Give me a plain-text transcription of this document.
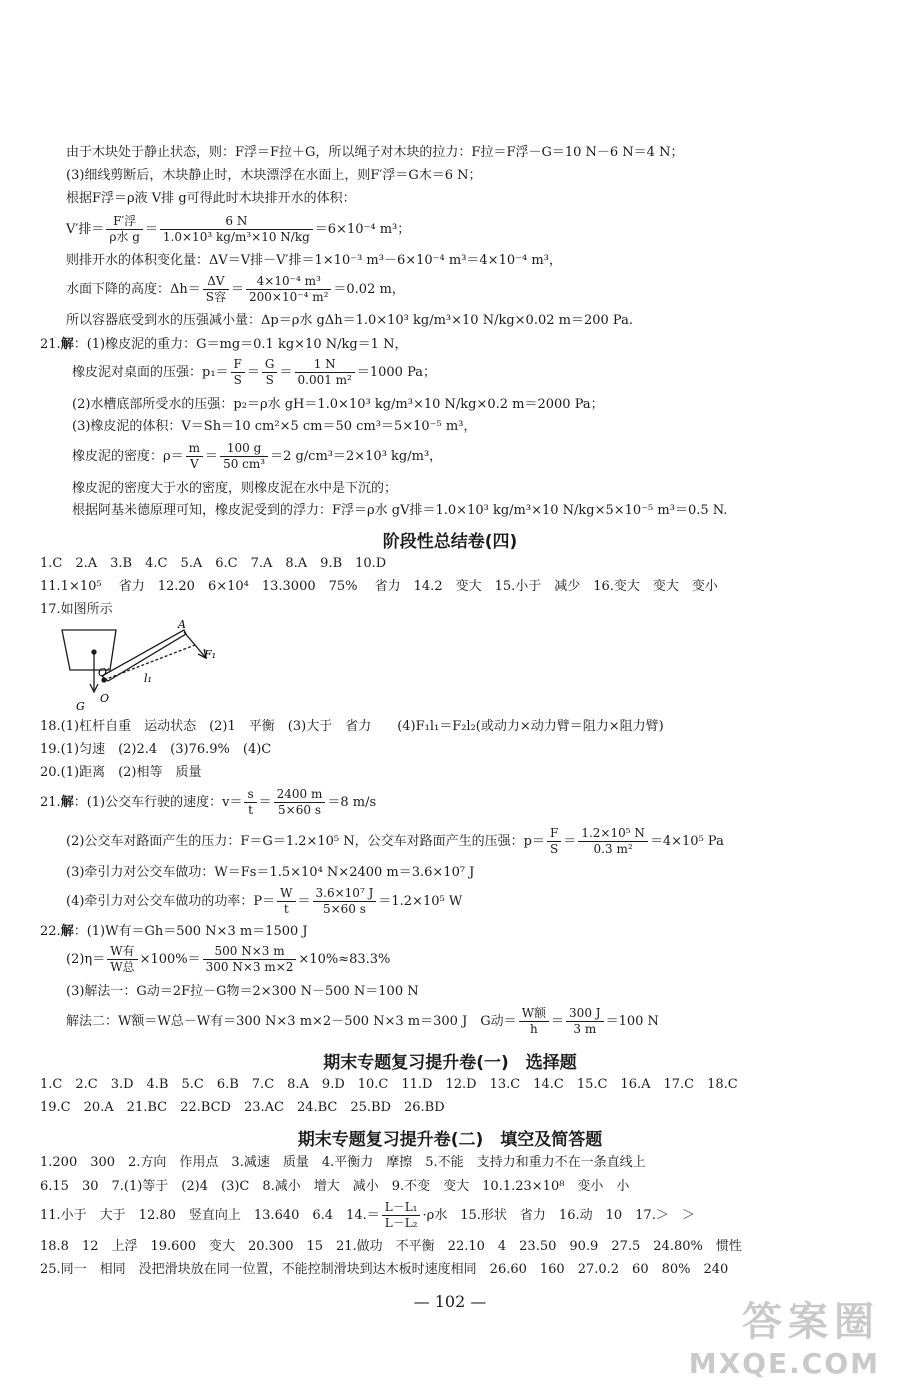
由于木块处于静止状态，则：F浮＝F拉＋G，所以绳子对木块的拉力：F拉＝F浮－G＝10 N－6 N＝4 N；
(3)细线剪断后，木块静止时，木块漂浮在水面上，则F′浮＝G木＝6 N；
根据F浮＝ρ液 V排 g可得此时木块排开水的体积：
V′排＝ $\frac{\text{F′浮}}{\text{ρ水 g}} = \frac{6 N}{\text{1.0×10³ kg/m³×10 N/kg}} =6\times 10^{-4}$ m³；
则排开水的体积变化量：ΔV＝V排－V′排＝1×10⁻³ m³－6×10⁻⁴ m³＝4×10⁻⁴ m³，
水面下降的高度：$\Delta h= \frac{\Delta V}{\text{S容}} = \frac{\text{4×10⁻⁴ m³}}{\text{200×10⁻⁴ m²}} =0.02$ m，
所以容器底受到水的压强减小量：Δp＝ρ水 gΔh＝1.0×10³ kg/m³×10 N/kg×0.02 m＝200 Pa.
21.解：(1)橡皮泥的重力：G＝mg＝0.1 kg×10 N/kg＝1 N，
橡皮泥对桌面的压强：$p_1= \frac{F}{S} = \frac{G}{S} = \frac{1 N}{\text{0.001 m²}} =1000$ Pa；
(2)水槽底部所受水的压强：p₂＝ρ水 gH＝1.0×10³ kg/m³×10 N/kg×0.2 m＝2000 Pa；
(3)橡皮泥的体积：V＝Sh＝10 cm²×5 cm＝50 cm³＝5×10⁻⁵ m³，
橡皮泥的密度：$\rho= \frac{m}{V} = \frac{100 g}{\text{50 cm³}} =2$ g/cm³＝2×10³ kg/m³，
橡皮泥的密度大于水的密度，则橡皮泥在水中是下沉的；
根据阿基米德原理可知，橡皮泥受到的浮力：F浮＝ρ水 gV排＝1.0×10³ kg/m³×10 N/kg×5×10⁻⁵ m³＝0.5 N.
阶段性总结卷(四)
1.C　2.A　3.B　4.C　5.A　6.C　7.A　8.A　9.B　10.D
11.1×10⁵　 省力　12.20　6×10⁴　13.3000　75%　 省力　14.2　变大　15.小于　减少　16.变大　变大　变小
17.如图所示
A
F₁
O′	l₁
G
O
18.(1)杠杆自重　运动状态　(2)1　平衡　(3)大于　省力　　(4)F₁l₁＝F₂l₂(或动力×动力臂＝阻力×阻力臂)
19.(1)匀速　(2)2.4　(3)76.9%　(4)C
20.(1)距离　(2)相等　质量
21.解：(1)公交车行驶的速度：$v= \frac{s}{t} = \frac{2400 m}{5\times 60 s} =8$ m/s
(2)公交车对路面产生的压力：F＝G＝1.2×10⁵ N，公交车对路面产生的压强：$p= \frac{F}{S} = \frac{\text{1.2×10⁵ N}}{\text{0.3 m²}} =4\times 10^5$ Pa
(3)牵引力对公交车做功：W＝Fs＝1.5×10⁴ N×2400 m＝3.6×10⁷ J
(4)牵引力对公交车做功的功率：$P= \frac{W}{t} = \frac{\text{3.6×10⁷ J}}{5\times 60 s} =1.2\times 10^5$ W
22.解：(1)W有＝Gh＝500 N×3 m＝1500 J
$(2)\eta= \frac{\text{W有}}{\text{W总}} \times 100\%= \frac{500 N\times 3 m}{300 N\times 3 m\times 2} \times 10\%\approx 83.3\%$
(3)解法一：G动＝2F拉－G物＝2×300 N－500 N＝100 N
解法二：W额＝W总－W有＝300 N×3 m×2－500 N×3 m＝300 J　G动＝ $\frac{\text{W额}}{h} = \frac{300 J}{3 m} =100$ N
期末专题复习提升卷(一)　选择题
1.C　2.C　3.D　4.B　5.C　6.B　7.C　8.A　9.D　10.C　11.D　12.D　13.C　14.C　15.C　16.A　17.C　18.C
19.C　20.A　21.BC　22.BCD　23.AC　24.BC　25.BD　26.BD
期末专题复习提升卷(二)　填空及简答题
1.200　300　2.方向　作用点　3.减速　质量　4.平衡力　摩擦　5.不能　支持力和重力不在一条直线上
6.15　30　7.(1)等于　(2)4　(3)C　8.减小　增大　减小　9.不变　变大　10.1.23×10⁸　变小　小
11.小于　大于　12.80　竖直向上　13.640　6.4　$14.= \frac{\text{L－L₁}}{\text{L－L₂}} \cdot\rho$水　15.形状　省力　16.动　10　17.＞　＞
18.8　12　上浮　19.600　变大　20.300　15　21.做功　不平衡　22.10　4　23.50　90.9　27.5　24.80%　惯性
25.同一　相同　没把滑块放在同一位置，不能控制滑块到达木板时速度相同　26.60　160　27.0.2　60　80%　240
— 102 —	答案圈
MXQE.COM
